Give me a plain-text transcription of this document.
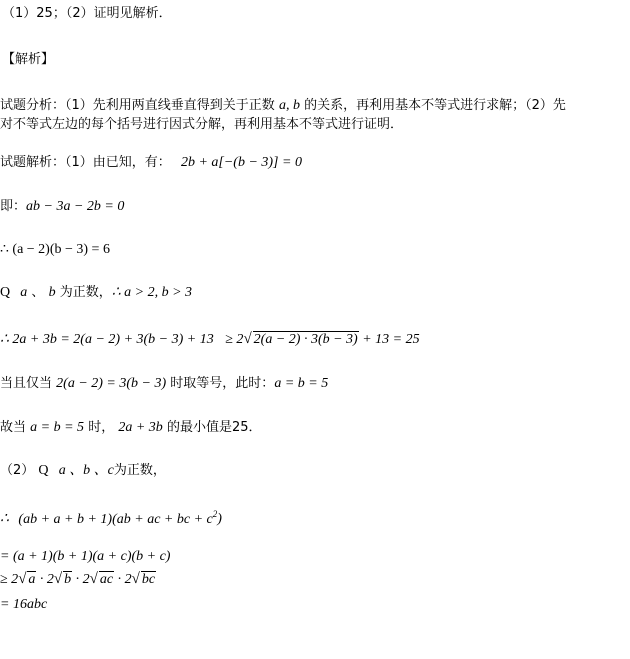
（1）25；（2）证明见解析．
【解析】
试题分析：（1）先利用两直线垂直得到关于正数 a, b 的关系，再利用基本不等式进行求解；（2）先
对不等式左边的每个括号进行因式分解，再利用基本不等式进行证明．
试题解析：（1）由已知，有： 2b + a[−(b − 3)] = 0
即：ab − 3a − 2b = 0
∴ (a − 2)(b − 3) = 6
Q a 、 b 为正数，∴ a > 2, b > 3
∴ 2a + 3b = 2(a − 2) + 3(b − 3) + 13 ≥ 2√ 2(a − 2) · 3(b − 3) + 13 = 25
当且仅当 2(a − 2) = 3(b − 3) 时取等号，此时：a = b = 5
故当 a = b = 5 时， 2a + 3b 的最小值是25．
（2） Q a 、b 、c为正数，
∴ (ab + a + b + 1)(ab + ac + bc + $c^2$)
= (a + 1)(b + 1)(a + c)(b + c)
≥ 2√ a · 2√ b · 2√ ac · 2√ bc
= 16abc
